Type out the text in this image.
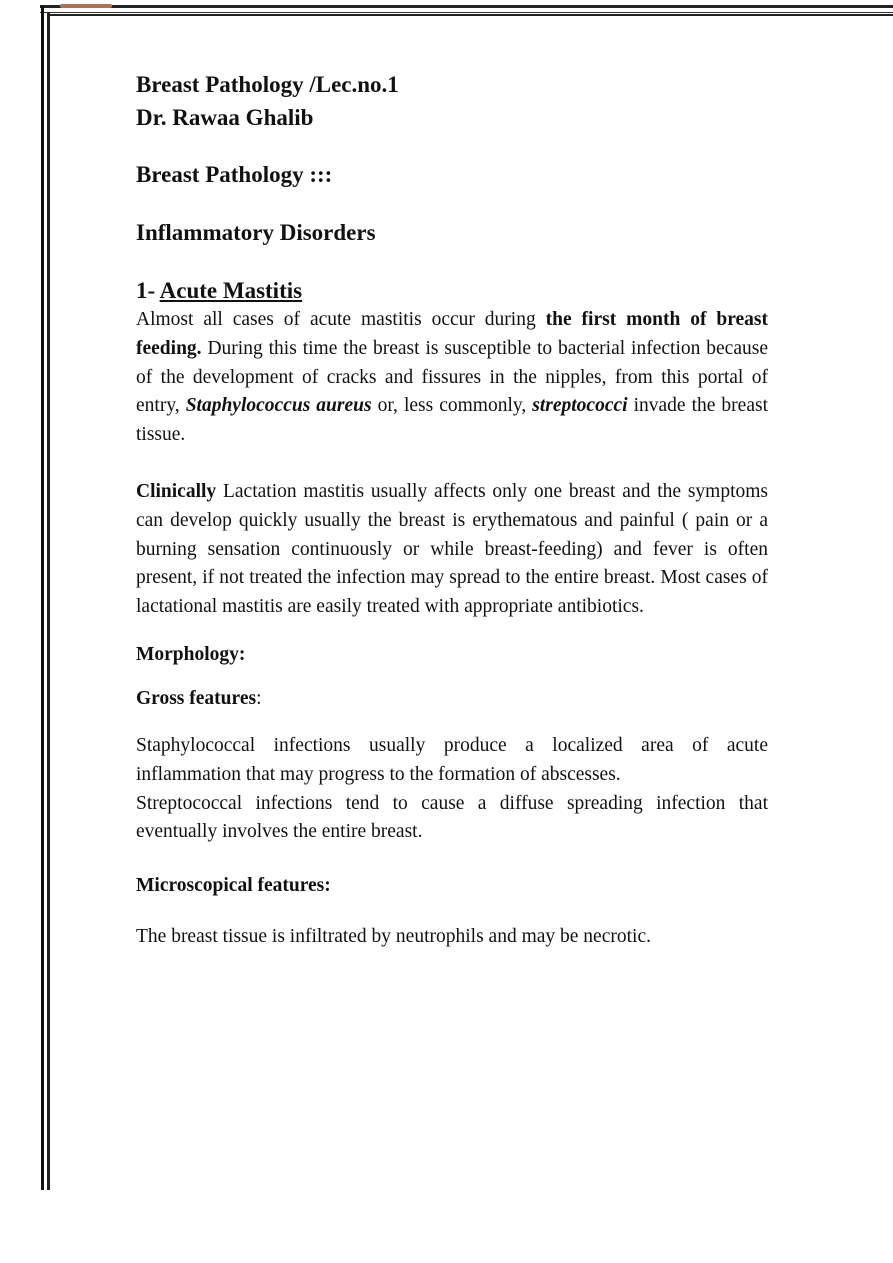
Breast Pathology /Lec.no.1

Dr. Rawaa Ghalib

Breast Pathology :::

Inflammatory Disorders

1- Acute Mastitis

Almost all cases of acute mastitis occur during the first month of breast feeding. During this time the breast is susceptible to bacterial infection because of the development of cracks and fissures in the nipples, from this portal of entry, Staphylococcus aureus or, less commonly, streptococci invade the breast tissue.

Clinically Lactation mastitis usually affects only one breast and the symptoms can develop quickly usually the breast is erythematous and painful ( pain or a burning sensation continuously or while breast-feeding) and fever is often present, if not treated the infection may spread to the entire breast. Most cases of lactational mastitis are easily treated with appropriate antibiotics.

Morphology:

Gross features:

Staphylococcal infections usually produce a localized area of acute inflammation that may progress to the formation of abscesses.

Streptococcal infections tend to cause a diffuse spreading infection that eventually involves the entire breast.

Microscopical features:

The breast tissue is infiltrated by neutrophils and may be necrotic.
